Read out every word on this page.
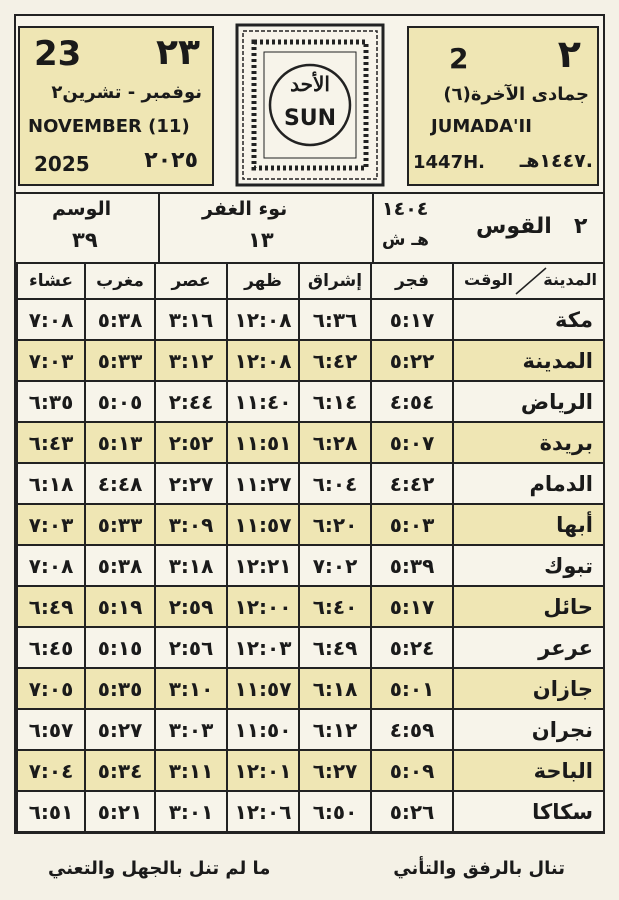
23 ٢٣
نوفمبر - تشرين٢
NOVEMBER (11)
2025 ٢٠٢٥
الأحد
SUN
2 ٢
جمادى الآخرة(٦)
JUMADA'II
1447H. ١٤٤٧هـ.
الوسم
٣٩
نوء الغفر
١٣
١٤٠٤
هـ ش
القوس ٢
عشاء	مغرب	عصر	ظهر	إشراق	فجر	الوقت المدينة

٧:٠٨	٥:٣٨	٣:١٦	١٢:٠٨	٦:٣٦	٥:١٧	مكة
٧:٠٣	٥:٣٣	٣:١٢	١٢:٠٨	٦:٤٢	٥:٢٢	المدينة
٦:٣٥	٥:٠٥	٢:٤٤	١١:٤٠	٦:١٤	٤:٥٤	الرياض
٦:٤٣	٥:١٣	٢:٥٢	١١:٥١	٦:٢٨	٥:٠٧	بريدة
٦:١٨	٤:٤٨	٢:٢٧	١١:٢٧	٦:٠٤	٤:٤٢	الدمام
٧:٠٣	٥:٣٣	٣:٠٩	١١:٥٧	٦:٢٠	٥:٠٣	أبها
٧:٠٨	٥:٣٨	٣:١٨	١٢:٢١	٧:٠٢	٥:٣٩	تبوك
٦:٤٩	٥:١٩	٢:٥٩	١٢:٠٠	٦:٤٠	٥:١٧	حائل
٦:٤٥	٥:١٥	٢:٥٦	١٢:٠٣	٦:٤٩	٥:٢٤	عرعر
٧:٠٥	٥:٣٥	٣:١٠	١١:٥٧	٦:١٨	٥:٠١	جازان
٦:٥٧	٥:٢٧	٣:٠٣	١١:٥٠	٦:١٢	٤:٥٩	نجران
٧:٠٤	٥:٣٤	٣:١١	١٢:٠١	٦:٢٧	٥:٠٩	الباحة
٦:٥١	٥:٢١	٣:٠١	١٢:٠٦	٦:٥٠	٥:٢٦	سكاكا
تنال بالرفق والتأني
ما لم تنل بالجهل والتعني
